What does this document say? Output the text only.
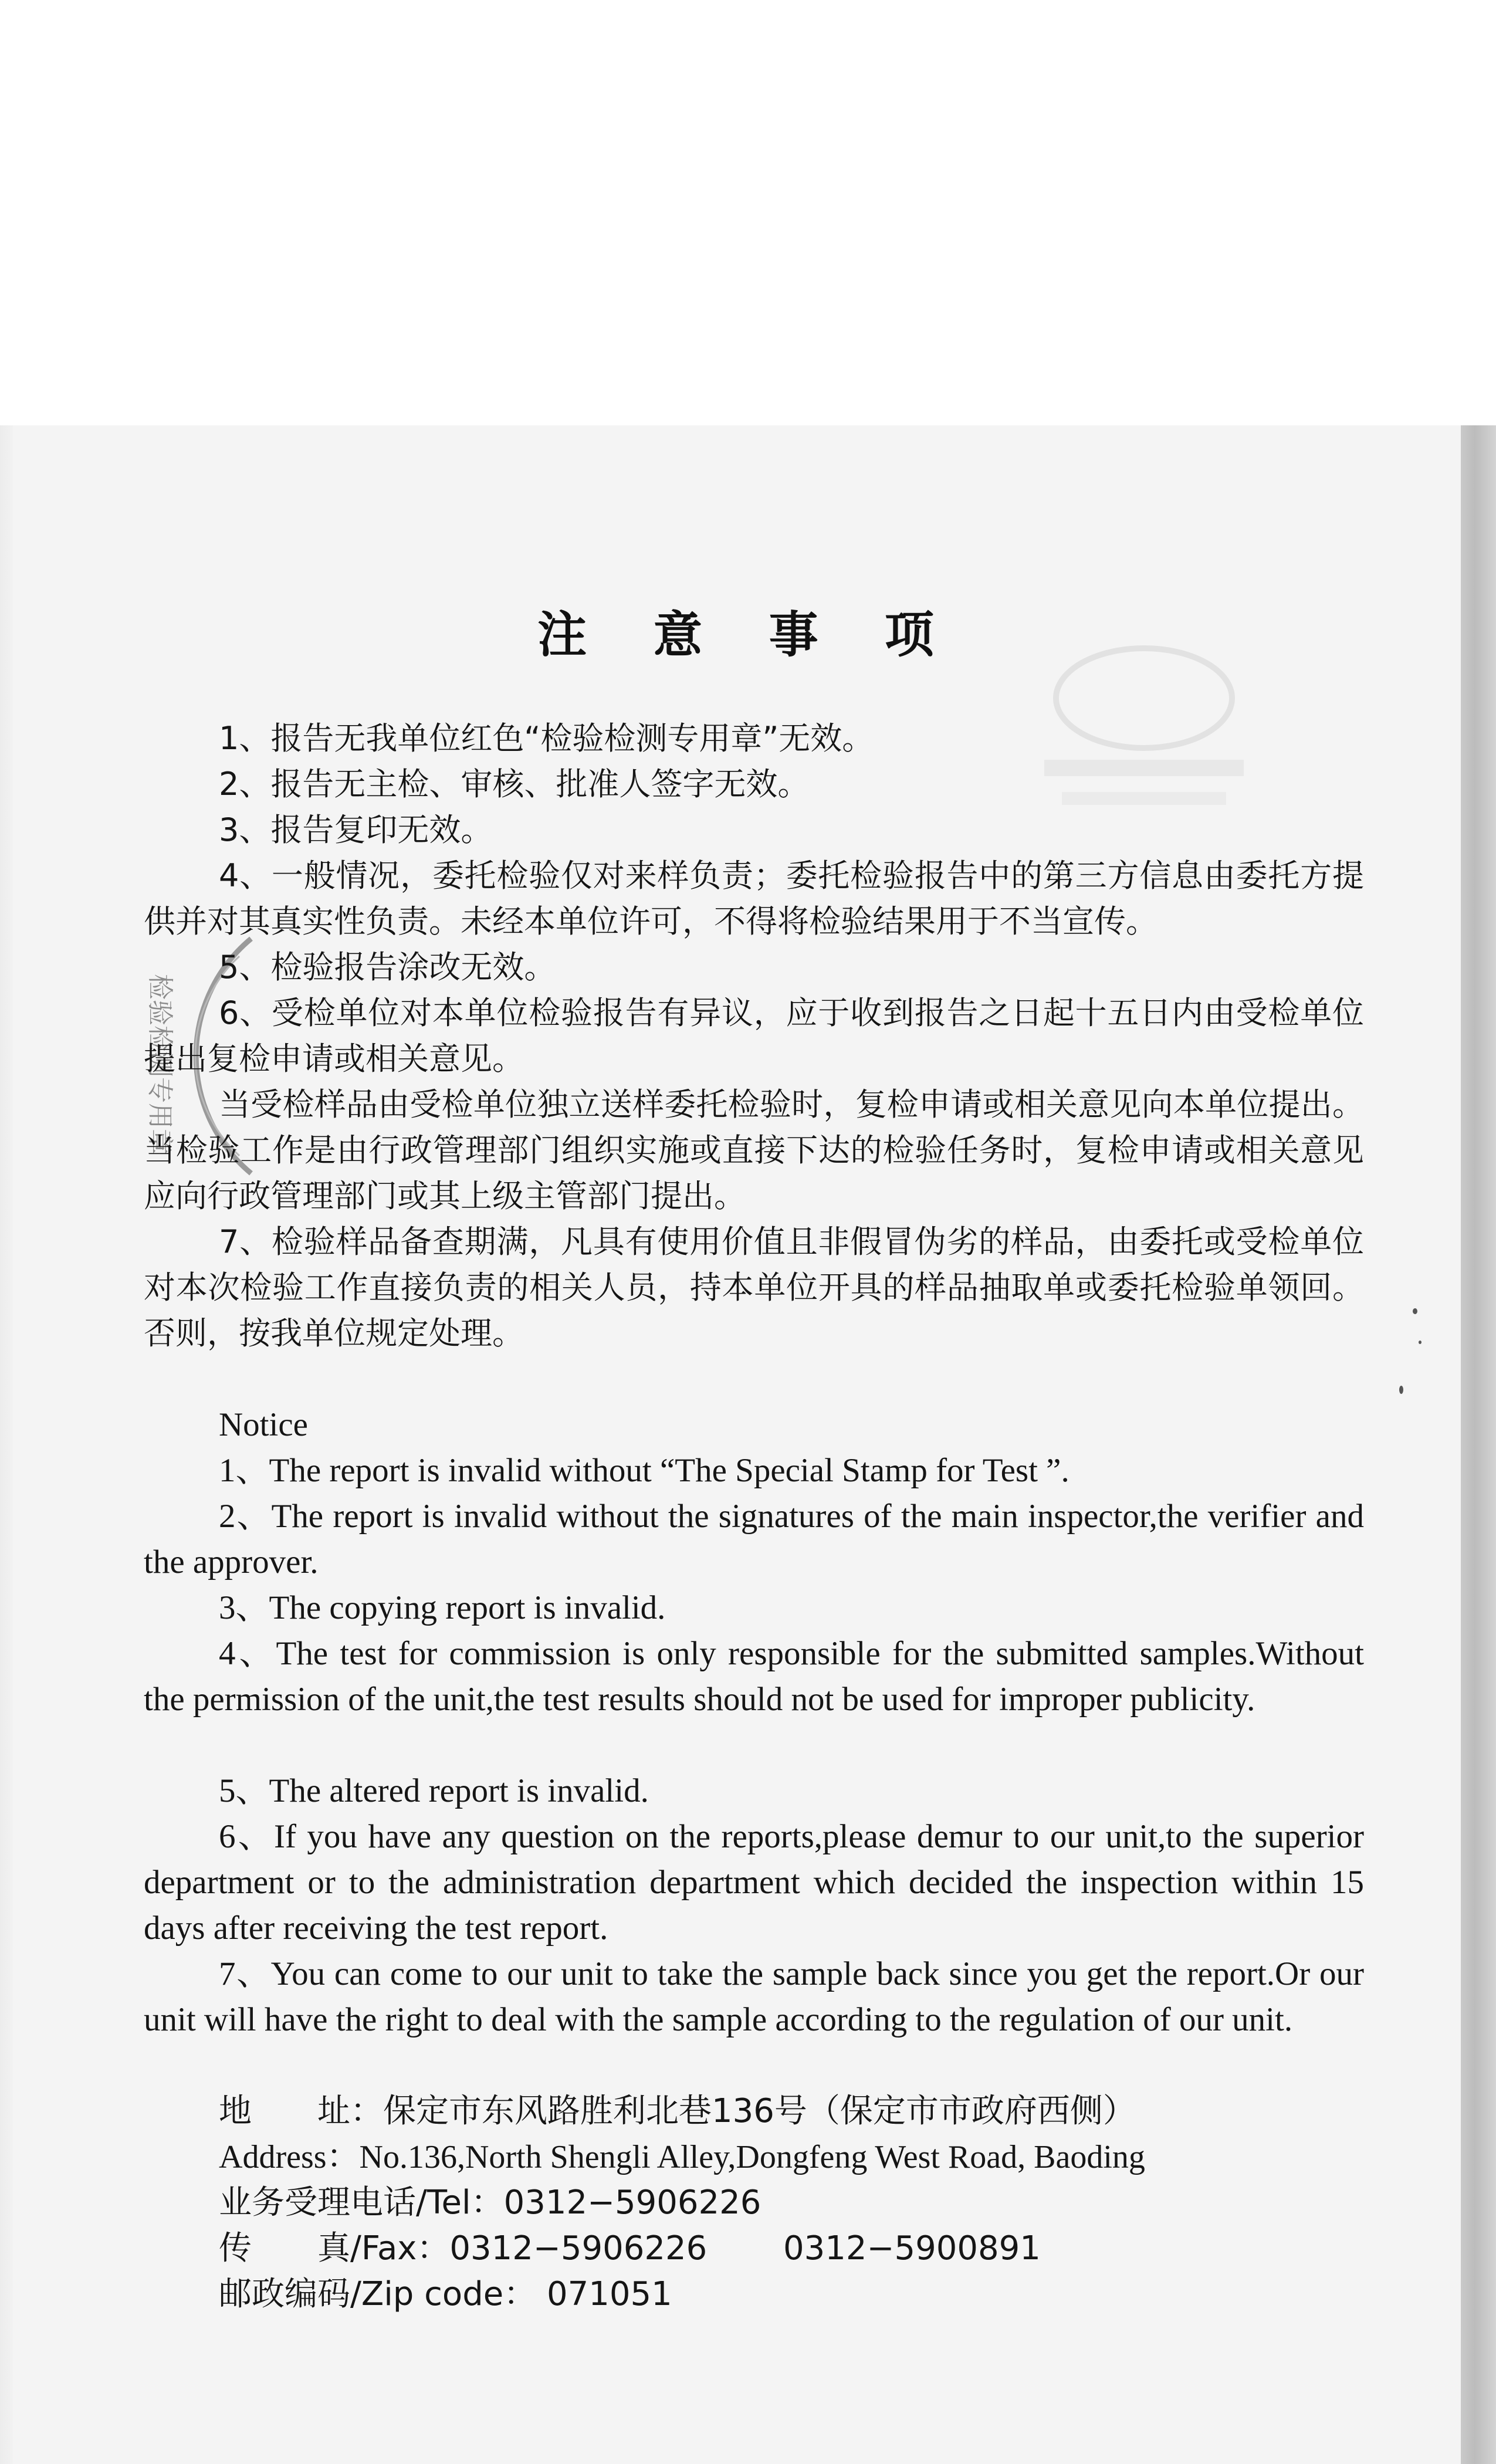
检验检测专用章
注 意 事 项

1、报告无我单位红色“检验检测专用章”无效。

2、报告无主检、审核、批准人签字无效。

3、报告复印无效。

4、一般情况，委托检验仅对来样负责；委托检验报告中的第三方信息由委托方提供并对其真实性负责。未经本单位许可，不得将检验结果用于不当宣传。

5、检验报告涂改无效。

6、受检单位对本单位检验报告有异议，应于收到报告之日起十五日内由受检单位提出复检申请或相关意见。

当受检样品由受检单位独立送样委托检验时，复检申请或相关意见向本单位提出。当检验工作是由行政管理部门组织实施或直接下达的检验任务时，复检申请或相关意见应向行政管理部门或其上级主管部门提出。

7、检验样品备查期满，凡具有使用价值且非假冒伪劣的样品，由委托或受检单位对本次检验工作直接负责的相关人员，持本单位开具的样品抽取单或委托检验单领回。否则，按我单位规定处理。

Notice

1、The report is invalid without “The Special Stamp for Test ”.

2、The report is invalid without the signatures of the main inspector,the verifier and the approver.

3、The copying report is invalid.

4、The test for commission is only responsible for the submitted samples.Without the permission of the unit,the test results should not be used for improper publicity.

5、The altered report is invalid.

6、If you have any question on the reports,please demur to our unit,to the superior department or to the administration department which decided the inspection within 15 days after receiving the test report.

7、You can come to our unit to take the sample back since you get the report.Or our unit will have the right to deal with the sample according to the regulation of our unit.

地　　址：保定市东风路胜利北巷136号（保定市市政府西侧）

Address：No.136,North Shengli Alley,Dongfeng West Road, Baoding

业务受理电话/Tel：0312−5906226

传　　真/Fax：0312−5906226　　 0312−5900891

邮政编码/Zip code： 071051
